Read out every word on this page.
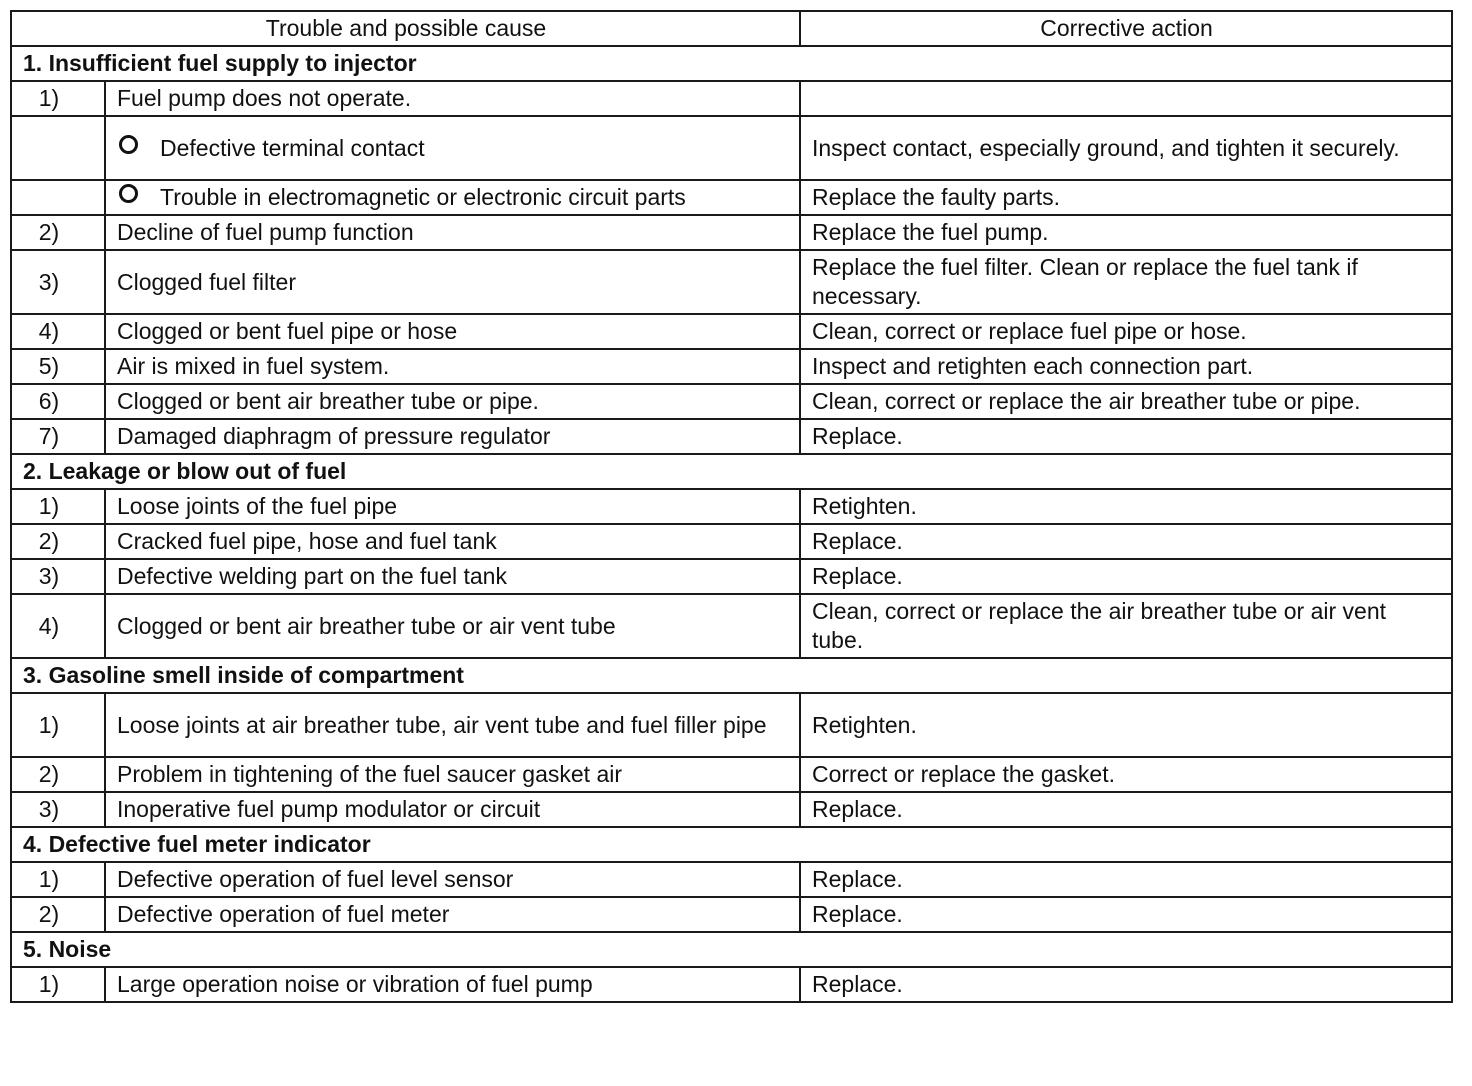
Trouble and possible cause		Corrective action
1. Insufficient fuel supply to injector		
1)	Fuel pump does not operate.	
	Defective terminal contact	Inspect contact, especially ground, and tighten it securely.
	Trouble in electromagnetic or electronic circuit parts	Replace the faulty parts.
2)	Decline of fuel pump function	Replace the fuel pump.
3)	Clogged fuel filter	Replace the fuel filter. Clean or replace the fuel tank if necessary.
4)	Clogged or bent fuel pipe or hose	Clean, correct or replace fuel pipe or hose.
5)	Air is mixed in fuel system.	Inspect and retighten each connection part.
6)	Clogged or bent air breather tube or pipe.	Clean, correct or replace the air breather tube or pipe.
7)	Damaged diaphragm of pressure regulator	Replace.
2. Leakage or blow out of fuel		
1)	Loose joints of the fuel pipe	Retighten.
2)	Cracked fuel pipe, hose and fuel tank	Replace.
3)	Defective welding part on the fuel tank	Replace.
4)	Clogged or bent air breather tube or air vent tube	Clean, correct or replace the air breather tube or air vent tube.
3. Gasoline smell inside of compartment		
1)	Loose joints at air breather tube, air vent tube and fuel filler pipe	Retighten.
2)	Problem in tightening of the fuel saucer gasket air	Correct or replace the gasket.
3)	Inoperative fuel pump modulator or circuit	Replace.
4. Defective fuel meter indicator		
1)	Defective operation of fuel level sensor	Replace.
2)	Defective operation of fuel meter	Replace.
5. Noise		
1)	Large operation noise or vibration of fuel pump	Replace.
